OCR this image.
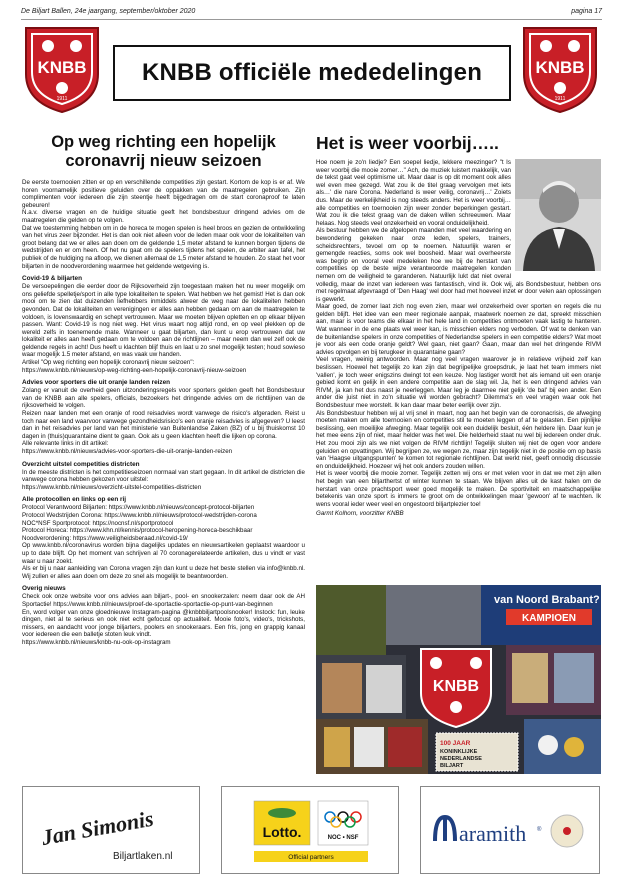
De Biljart Ballen, 24e jaargang, september/oktober 2020	pagina 17
KNBB
1911
KNBB
1911
KNBB officiële mededelingen
Op weg richting een hopelijk coronavrij nieuw seizoen

De eerste toernooien zitten er op en verschillende competities zijn gestart. Kortom de kop is er af. We horen voornamelijk positieve geluiden over de oppakken van de maatregelen gebruiken. Zijn complimenten voor iedereen die zijn steentje heeft bijgedragen om de start coronaproof te laten gebeuren!

N.a.v. diverse vragen en de huidige situatie geeft het bondsbestuur dringend advies om de maatregelen die gelden op te volgen.

Dat we toestemming hebben om in de horeca te mogen spelen is heel broos en gezien de ontwikkeling van het virus zeer bijzonder. Het is dan ook niet alleen voor de leden maar ook voor de lokaliteiten van groot belang dat we er alles aan doen om de geldende 1,5 meter afstand te kunnen borgen tijdens de wedstrijden en er om heen. Of het nu gaat om de spelers tijdens het spelen, de arbiter aan tafel, het publiek of de huldiging na afloop, we dienen allemaal de 1,5 meter afstand te houden. Zo staat het voor biljarten in de noodverordening waarmee het geldende wetgeving is.

Covid-19 & biljarten

De versoepelingen die eerder door de Rijksoverheid zijn toegestaan maken het nu weer mogelijk om ons geliefde spelletje/sport in alle type lokaliteiten te spelen. Wat hebben we het gemist! Het is dan ook mooi om te zien dat duizenden liefhebbers inmiddels alweer de weg naar de lokaliteiten hebben gevonden. Dat de lokaliteiten en verenigingen er alles aan hebben gedaan om aan de maatregelen te voldoen, is lovenswaardig en schept vertrouwen. Maar we moeten blijven opletten en op elkaar blijven passen. Want: Covid-19 is nog niet weg. Het virus waart nog altijd rond, en op veel plekken op de wereld zelfs in toenemende mate. Wanneer u gaat biljarten, dan kunt u erop vertrouwen dat uw lokaliteit er alles aan heeft gedaan om te voldoen aan de richtlijnen – maar neem dan wel zelf ook de geldende regels in acht! Dus heeft u klachten blijf thuis en laat u zo snel mogelijk testen; houd sowieso waar mogelijk 1.5 meter afstand, en was vaak uw handen.

Artikel "Op weg richting een hopelijk coronavrij nieuw seizoen":

https://www.knbb.nl/nieuws/op-weg-richting-een-hopelijk-coronavrij-nieuw-seizoen

Advies voor sporters die uit oranje landen reizen

Zolang er vanuit de overheid geen uitzonderingsregels voor sporters gelden geeft het Bondsbestuur van de KNBB aan alle spelers, officials, bezoekers het dringende advies om de richtlijnen van de rijksoverheid te volgen.

Reizen naar landen met een oranje of rood reisadvies wordt vanwege de risico's afgeraden. Reist u toch naar een land waarvoor vanwege gezondheidsrisico's een oranje reisadvies is afgegeven? U leest dan in het reisadvies per land van het ministerie van Buitenlandse Zaken (BZ) of u bij thuiskomst 10 dagen in (thuis)quarantaine dient te gaan. Ook als u geen klachten heeft die lijken op corona.

Alle relevante links in dit artikel:

https://www.knbb.nl/nieuws/advies-voor-sporters-die-uit-oranje-landen-reizen

Overzicht uitstel competities districten

In de meeste districten is het competitieseizoen normaal van start gegaan. In dit artikel de districten die vanwege corona hebben gekozen voor uitstel:

https://www.knbb.nl/nieuws/overzicht-uitstel-competities-districten

Alle protocollen en links op een rij

Protocol Verantwoord Biljarten: https://www.knbb.nl/nieuws/concept-protocol-biljarten

Protocol Wedstrijden Corona: https://www.knbb.nl/nieuws/protocol-wedstrijden-corona

NOC*NSF Sportprotocol: https://nocnsf.nl/sportprotocol

Protocol Horeca: https://www.khn.nl/kennis/protocol-heropening-horeca-beschikbaar

Noodverordening: https://www.veiligheidsberaad.nl/covid-19/

Op www.knbb.nl/coronavirus worden bijna dagelijks updates en nieuwsartikelen geplaatst waardoor u up to date blijft. Op het moment van schrijven al 70 coronagerelateerde artikelen, dus u vindt er vast waar u naar zoekt.

Als er bij u naar aanleiding van Corona vragen zijn dan kunt u deze het beste stellen via info@knbb.nl. Wij zullen er alles aan doen om deze zo snel als mogelijk te beantwoorden.

Overig nieuws

Check ook onze website voor ons advies aan biljart-, pool- en snookerzalen: neem daar ook de AH Sportactie! https://www.knbb.nl/nieuws/proef-de-sportactie-sportactie-op-punt-van-beginnen

En, word volger van onze gloednieuwe Instagram-pagina @knbbbiljartpoolsnooker! Instock: fun, leuke dingen, niet al te serieus en ook niet echt gefocust op actualiteit. Mooie foto's, video's, trickshots, missers, en aandacht voor jonge biljarters, poolers en snookeraars. Een fris, jong en grappig kanaal voor iedereen die een balletje stoten leuk vindt.

https://www.knbb.nl/nieuws/knbb-nu-ook-op-instagram

Het is weer voorbij…..

Hoe noem je zo'n liedje? Een soepel liedje, lekkere meezinger? "t Is weer voorbij die mooie zomer…" Ach, de muziek luistert makkelijk, van de tekst gaat veel optimisme uit. Maar daar is op dit moment ook alles wel even mee gezegd. Wat zou ik de titel graag vervolgen met iets als…' die nare Corona. Nederland is weer veilig, coronavrij…' Zoiets dus. Maar de werkelijkheid is nog steeds anders. Het is weer voorbij…alle competities en toernooien zijn weer zonder beperkingen gestart. Wat zou ik die tekst graag van de daken willen schreeuwen. Maar helaas. Nog steeds veel onzekerheid en vooral onduidelijkheid.

Als bestuur hebben we de afgelopen maanden met veel waardering en bewondering gekeken naar onze leden, spelers, trainers, scheidsrechters, tevoel om op te noemen. Natuurlijk waren er gemengde reacties, soms ook wel boosheid. Maar wat overheerste was begrip en vooral veel medeleken hoe we bij de herstart van competities op de beste wijze verantwoorde maatregelen konden nemen om de veiligheid te garanderen. Natuurlijk lukt dat niet overal volledig, maar de inzet van iedereen was fantastisch, vind ik. Ook wij, als Bondsbestuur, hebben ons met regelmaat afgevraagd of 'Den Haag' wel door had met hoeveel inzet er door velen aan oplossingen is gewerkt.

Maar goed, de zomer laat zich nog even zien, maar wel onzekerheid over sporten en regels die nu gelden blijft. Het idee van een meer regionale aanpak, maatwerk noemen ze dat, spreekt misschien aan, maar is voor teams die elkaar in het hele land in competities ontmoeten vaak lastig te hanteren. Wat wanneer in de ene plaats wel weer kan, is misschien elders nog verboden. Of wat te denken van de buitenlandse spelers in onze competities of Nederlandse spelers in een competitie elders? Wat moet je voor als een code oranje geldt? Wel gaan, niet gaan? Gaan, maar dan wel het dringende RIVM advies opvolgen en bij terugkeer in quarantaine gaan?

Veel vragen, weinig antwoorden. Maar nog veel vragen waarover je in relatieve vrijheid zelf kan beslissen. Hoewel het tegelijk zo kan zijn dat begrijpelijke groepsdruk, je laat het team immers niet 'vallen', je toch weer enigszins dwingt tot een keuze. Nog lastiger wordt het als iemand uit een oranje gebied komt en gelijk in een andere competitie aan de slag wil. Ja, het is een dringend advies van RIVM, ja kan het dus naast je neerleggen. Maar leg je daarmee niet gelijk 'de bal' bij een ander. Een ander die juist niet in zo'n situatie wil worden gebracht? Dilemma's en veel vragen waar ook het Bondsbestuur mee worstelt. Ik kan daar maar beter eerlijk over zijn.

Als Bondsbestuur hebben wij al vrij snel in maart, nog aan het begin van de coronacrisis, de afweging moeten maken om alle toernooien en competities stil te moeten leggen of af te gelasten. Een pijnlijke beslissing, een moeilijke afweging. Maar tegelijk ook een duidelijk besluit, één heldere lijn. Daar kun je het mee eens zijn of niet, maar helder was het wel. Die helderheid staat nu wel bij iedereen onder druk. Het zou mooi zijn als we niet volgen de RIVM richtlijn! Tegelijk sluiten wij niet de ogen voor andere geluiden en opvattingen. Wij begrijpen ze, we wegen ze, maar zijn tegelijk niet in de positie om op basis van 'Haagse uitgangspunten' te komen tot regionale richtlijnen. Dat werkt niet, geeft onnodig discussie en onduidelijkheid. Hoezeer wij het ook anders zouden willen.

Het is weer voorbij die mooie zomer. Tegelijk zetten wij ons er met velen voor in dat we met zijn allen het begin van een biljarthertst of winter kunnen te staan. We blijven alles uit de kast halen om de herstart van onze prachtsport weer goed mogelijk te maken. De sportiviteit en maatschappelijke betekenis van onze sport is immers te groot om de ontwikkelingen maar 'gewoon' af te wachten. Ik wens vooral ieder weer veel en ongestoord biljartplezier toe!

Garmt Kolhorn, voorzitter KNBB

van Noord Brabant?
KAMPIOEN
KNBB
100 JAAR
KONINKLIJKE
NEDERLANDSE
BILJART
Jan Simonis
Biljartlaken.nl
Lotto.	NOC • NSF
Official partners
aramith ®
